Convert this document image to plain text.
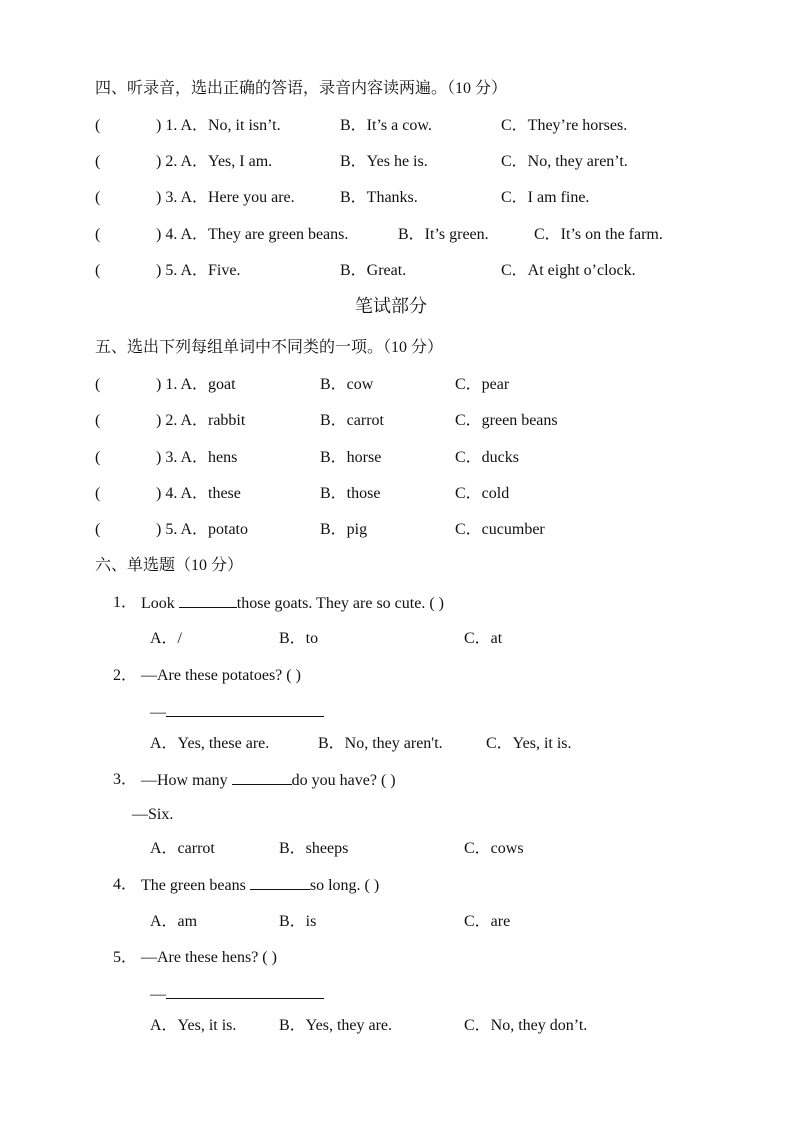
四、听录音，选出正确的答语，录音内容读两遍。（10 分）
(	) 1. A．No, it isn’t.	B．It’s a cow.	C．They’re horses.
(	) 2. A．Yes, I am.	B．Yes he is.	C．No, they aren’t.
(	) 3. A．Here you are.	B．Thanks.	C．I am fine.
(	) 4. A．They are green beans.	B．It’s green.	C．It’s on the farm.
(	) 5. A．Five.	B．Great.	C．At eight o’clock.
笔试部分
五、选出下列每组单词中不同类的一项。（10 分）
(	) 1. A．goat	B．cow	C．pear
(	) 2. A．rabbit	B．carrot	C．green beans
(	) 3. A．hens	B．horse	C．ducks
(	) 4. A．these	B．those	C．cold
(	) 5. A．potato	B．pig	C．cucumber
六、单选题（10 分）
1． Look	those goats. They are so cute. ( )
A．/	B．to	C．at
2． —Are these potatoes? ( )
—
A．Yes, these are.	B．No, they aren't.	C．Yes, it is.
3． —How many	do you have? ( )
—Six.
A．carrot	B．sheeps	C．cows
4． The green beans	so long. ( )
A．am	B．is	C．are
5． —Are these hens? ( )
—
A．Yes, it is.	B．Yes, they are.	C．No, they don’t.
